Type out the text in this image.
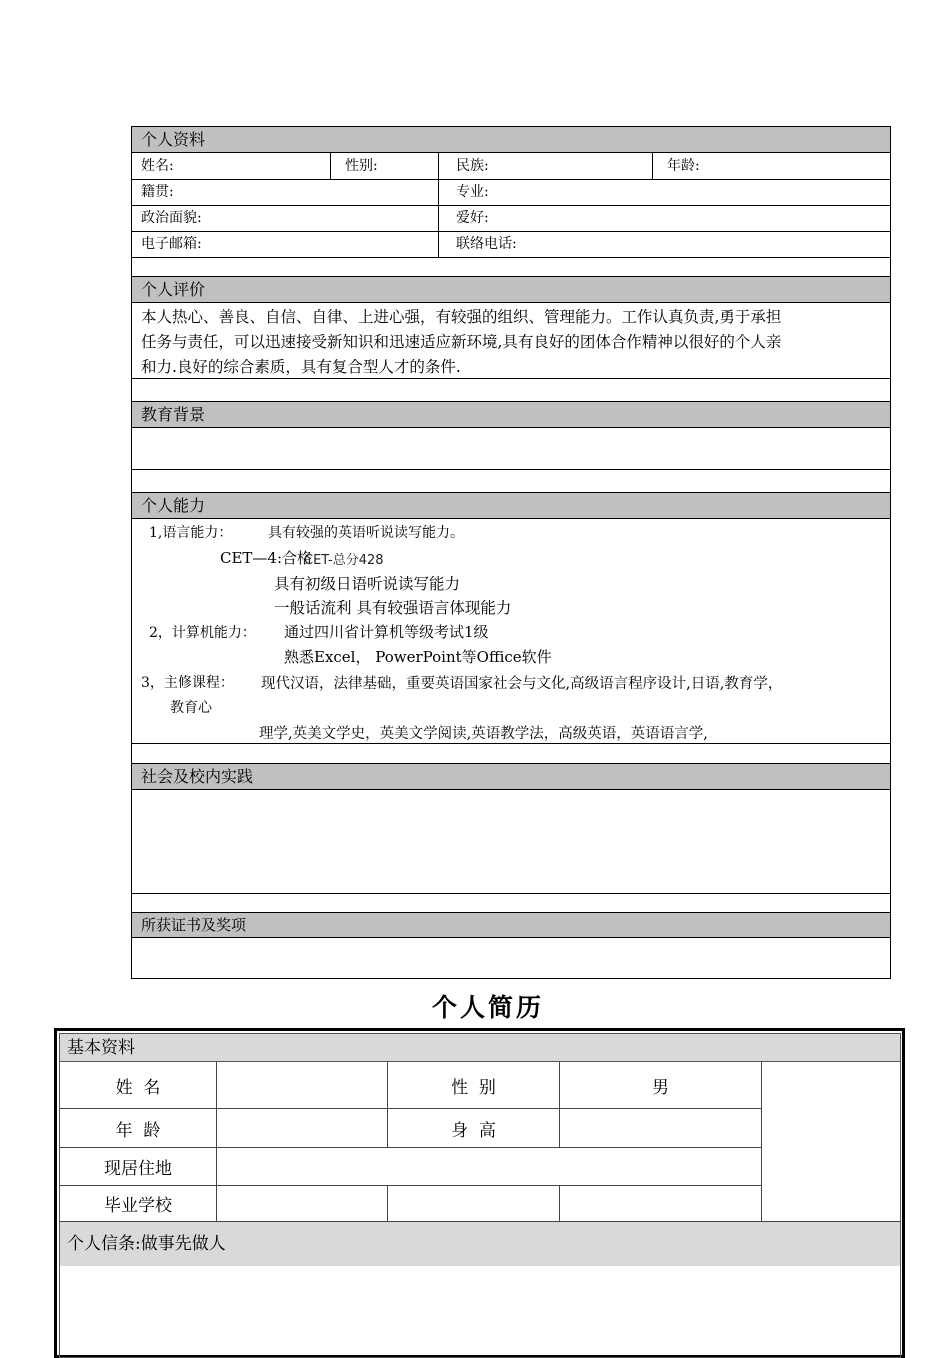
个人资料
姓名:	性别:	民族:	年龄:
籍贯:	专业:
政治面貌:	爱好:
电子邮箱:	联络电话:
个人评价
本人热心、善良、自信、自律、上进心强，有较强的组织、管理能力。工作认真负责,勇于承担
任务与责任，可以迅速接受新知识和迅速适应新环境,具有良好的团体合作精神以很好的个人亲
和力.良好的综合素质，具有复合型人才的条件.
教育背景
个人能力
1,语言能力：	具有较强的英语听说读写能力。
CET—4:合格
CET-总分428
具有初级日语听说读写能力
一般话流利 具有较强语言体现能力
2，计算机能力： 通过四川省计算机等级考试1级
熟悉Excel， PowerPoint等Office软件
3，主修课程： 现代汉语，法律基础，重要英语国家社会与文化,高级语言程序设计,日语,教育学，
教育心
理学,英美文学史，英美文学阅读,英语教学法，高级英语，英语语言学,
社会及校内实践
所获证书及奖项
个人简历
基本资料
姓  名	性  别	男
年  龄	身  高
现居住地
毕业学校
个人信条:做事先做人
